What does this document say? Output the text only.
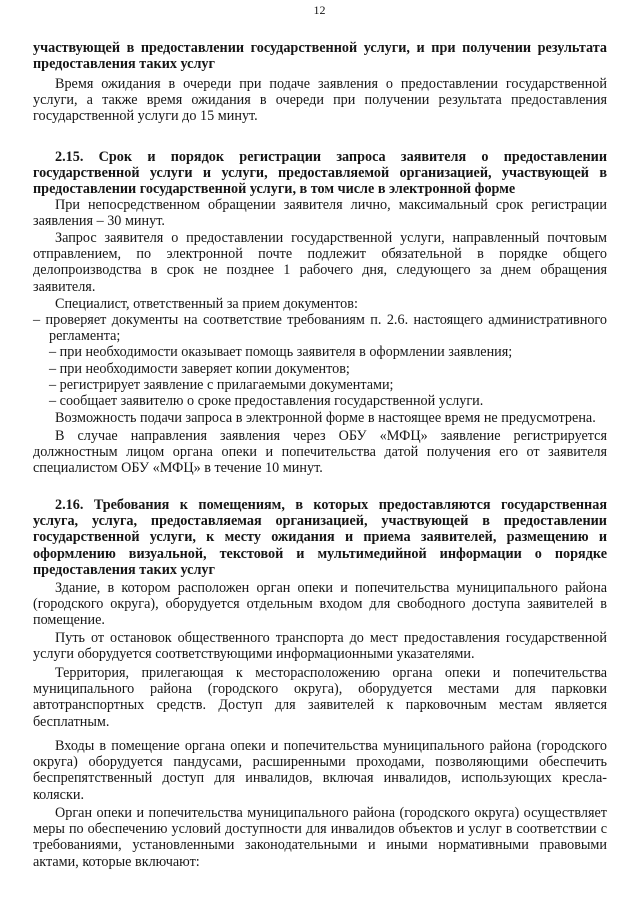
12
участвующей в предоставлении государственной услуги, и при получении результата предоставления таких услуг
Время ожидания в очереди при подаче заявления о предоставлении государственной услуги, а также время ожидания в очереди при получении результата предоставления государственной услуги до 15 минут.
2.15. Срок и порядок регистрации запроса заявителя о предоставлении государственной услуги и услуги, предоставляемой организацией, участвующей в предоставлении государственной услуги, в том числе в электронной форме
При непосредственном обращении заявителя лично, максимальный срок регистрации заявления – 30 минут.
Запрос заявителя о предоставлении государственной услуги, направленный почтовым отправлением, по электронной почте подлежит обязательной в порядке общего делопроизводства в срок не позднее 1 рабочего дня, следующего за днем обращения заявителя.
Специалист, ответственный за прием документов:
– проверяет документы на соответствие требованиям п. 2.6. настоящего административного регламента;
– при необходимости оказывает помощь заявителя в оформлении заявления;
– при необходимости заверяет копии документов;
– регистрирует заявление с прилагаемыми документами;
– сообщает заявителю о сроке предоставления государственной услуги.
Возможность подачи запроса в электронной форме в настоящее время не предусмотрена.
В случае направления заявления через ОБУ «МФЦ» заявление регистрируется должностным лицом органа опеки и попечительства датой получения его от заявителя специалистом ОБУ «МФЦ» в течение 10 минут.
2.16. Требования к помещениям, в которых предоставляются государственная услуга, услуга, предоставляемая организацией, участвующей в предоставлении государственной услуги, к месту ожидания и приема заявителей, размещению и оформлению визуальной, текстовой и мультимедийной информации о порядке предоставления таких услуг
Здание, в котором расположен орган опеки и попечительства муниципального района (городского округа), оборудуется отдельным входом для свободного доступа заявителей в помещение.
Путь от остановок общественного транспорта до мест предоставления государственной услуги оборудуется соответствующими информационными указателями.
Территория, прилегающая к месторасположению органа опеки и попечительства муниципального района (городского округа), оборудуется местами для парковки автотранспортных средств. Доступ для заявителей к парковочным местам является бесплатным.
Входы в помещение органа опеки и попечительства муниципального района (городского округа) оборудуется пандусами, расширенными проходами, позволяющими обеспечить беспрепятственный доступ для инвалидов, включая инвалидов, использующих кресла-коляски.
Орган опеки и попечительства муниципального района (городского округа) осуществляет меры по обеспечению условий доступности для инвалидов объектов и услуг в соответствии с требованиями, установленными законодательными и иными нормативными правовыми актами, которые включают:
